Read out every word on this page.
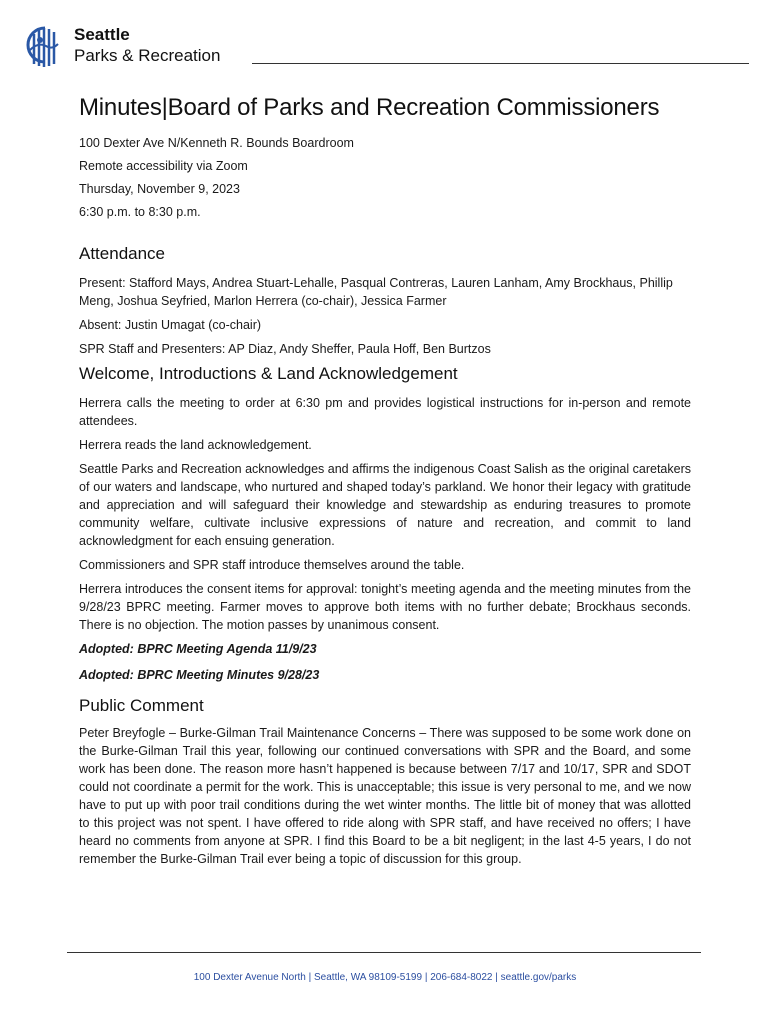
Seattle
Parks & Recreation
Minutes|Board of Parks and Recreation Commissioners
100 Dexter Ave N/Kenneth R. Bounds Boardroom
Remote accessibility via Zoom
Thursday, November 9, 2023
6:30 p.m. to 8:30 p.m.
Attendance

Present: Stafford Mays, Andrea Stuart-Lehalle, Pasqual Contreras, Lauren Lanham, Amy Brockhaus, Phillip Meng, Joshua Seyfried, Marlon Herrera (co-chair), Jessica Farmer

Absent: Justin Umagat (co-chair)

SPR Staff and Presenters: AP Diaz, Andy Sheffer, Paula Hoff, Ben Burtzos

Welcome, Introductions & Land Acknowledgement

Herrera calls the meeting to order at 6:30 pm and provides logistical instructions for in-person and remote attendees.

Herrera reads the land acknowledgement.

Seattle Parks and Recreation acknowledges and affirms the indigenous Coast Salish as the original caretakers of our waters and landscape, who nurtured and shaped today’s parkland. We honor their legacy with gratitude and appreciation and will safeguard their knowledge and stewardship as enduring treasures to promote community welfare, cultivate inclusive expressions of nature and recreation, and commit to land acknowledgment for each ensuing generation.

Commissioners and SPR staff introduce themselves around the table.

Herrera introduces the consent items for approval: tonight’s meeting agenda and the meeting minutes from the 9/28/23 BPRC meeting. Farmer moves to approve both items with no further debate; Brockhaus seconds. There is no objection. The motion passes by unanimous consent.

Adopted: BPRC Meeting Agenda 11/9/23

Adopted: BPRC Meeting Minutes 9/28/23

Public Comment

Peter Breyfogle – Burke-Gilman Trail Maintenance Concerns – There was supposed to be some work done on the Burke-Gilman Trail this year, following our continued conversations with SPR and the Board, and some work has been done. The reason more hasn’t happened is because between 7/17 and 10/17, SPR and SDOT could not coordinate a permit for the work. This is unacceptable; this issue is very personal to me, and we now have to put up with poor trail conditions during the wet winter months. The little bit of money that was allotted to this project was not spent. I have offered to ride along with SPR staff, and have received no offers; I have heard no comments from anyone at SPR. I find this Board to be a bit negligent; in the last 4-5 years, I do not remember the Burke-Gilman Trail ever being a topic of discussion for this group.

100 Dexter Avenue North | Seattle, WA 98109-5199 | 206-684-8022 | seattle.gov/parks
